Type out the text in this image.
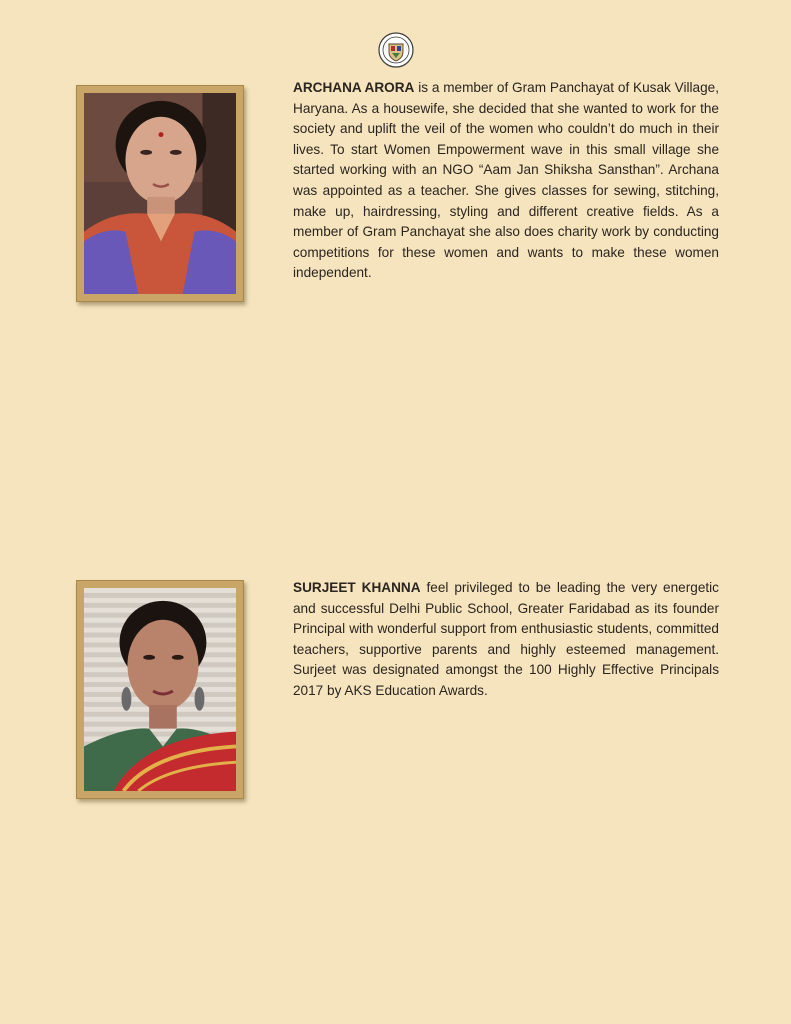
ARCHANA ARORA is a member of Gram Panchayat of Kusak Village, Haryana. As a housewife, she decided that she wanted to work for the society and uplift the veil of the women who couldn’t do much in their lives. To start Women Empowerment wave in this small village she started working with an NGO “Aam Jan Shiksha Sansthan”. Archana was appointed as a teacher. She gives classes for sewing, stitching, make up, hairdressing, styling and different creative fields. As a member of Gram Panchayat she also does charity work by conducting competitions for these women and wants to make these women independent.

SURJEET KHANNA feel privileged to be leading the very energetic and successful Delhi Public School, Greater Faridabad as its founder Principal with wonderful support from enthusiastic students, committed teachers, supportive parents and highly esteemed management. Surjeet was designated amongst the 100 Highly Effective Principals 2017 by AKS Education Awards.
